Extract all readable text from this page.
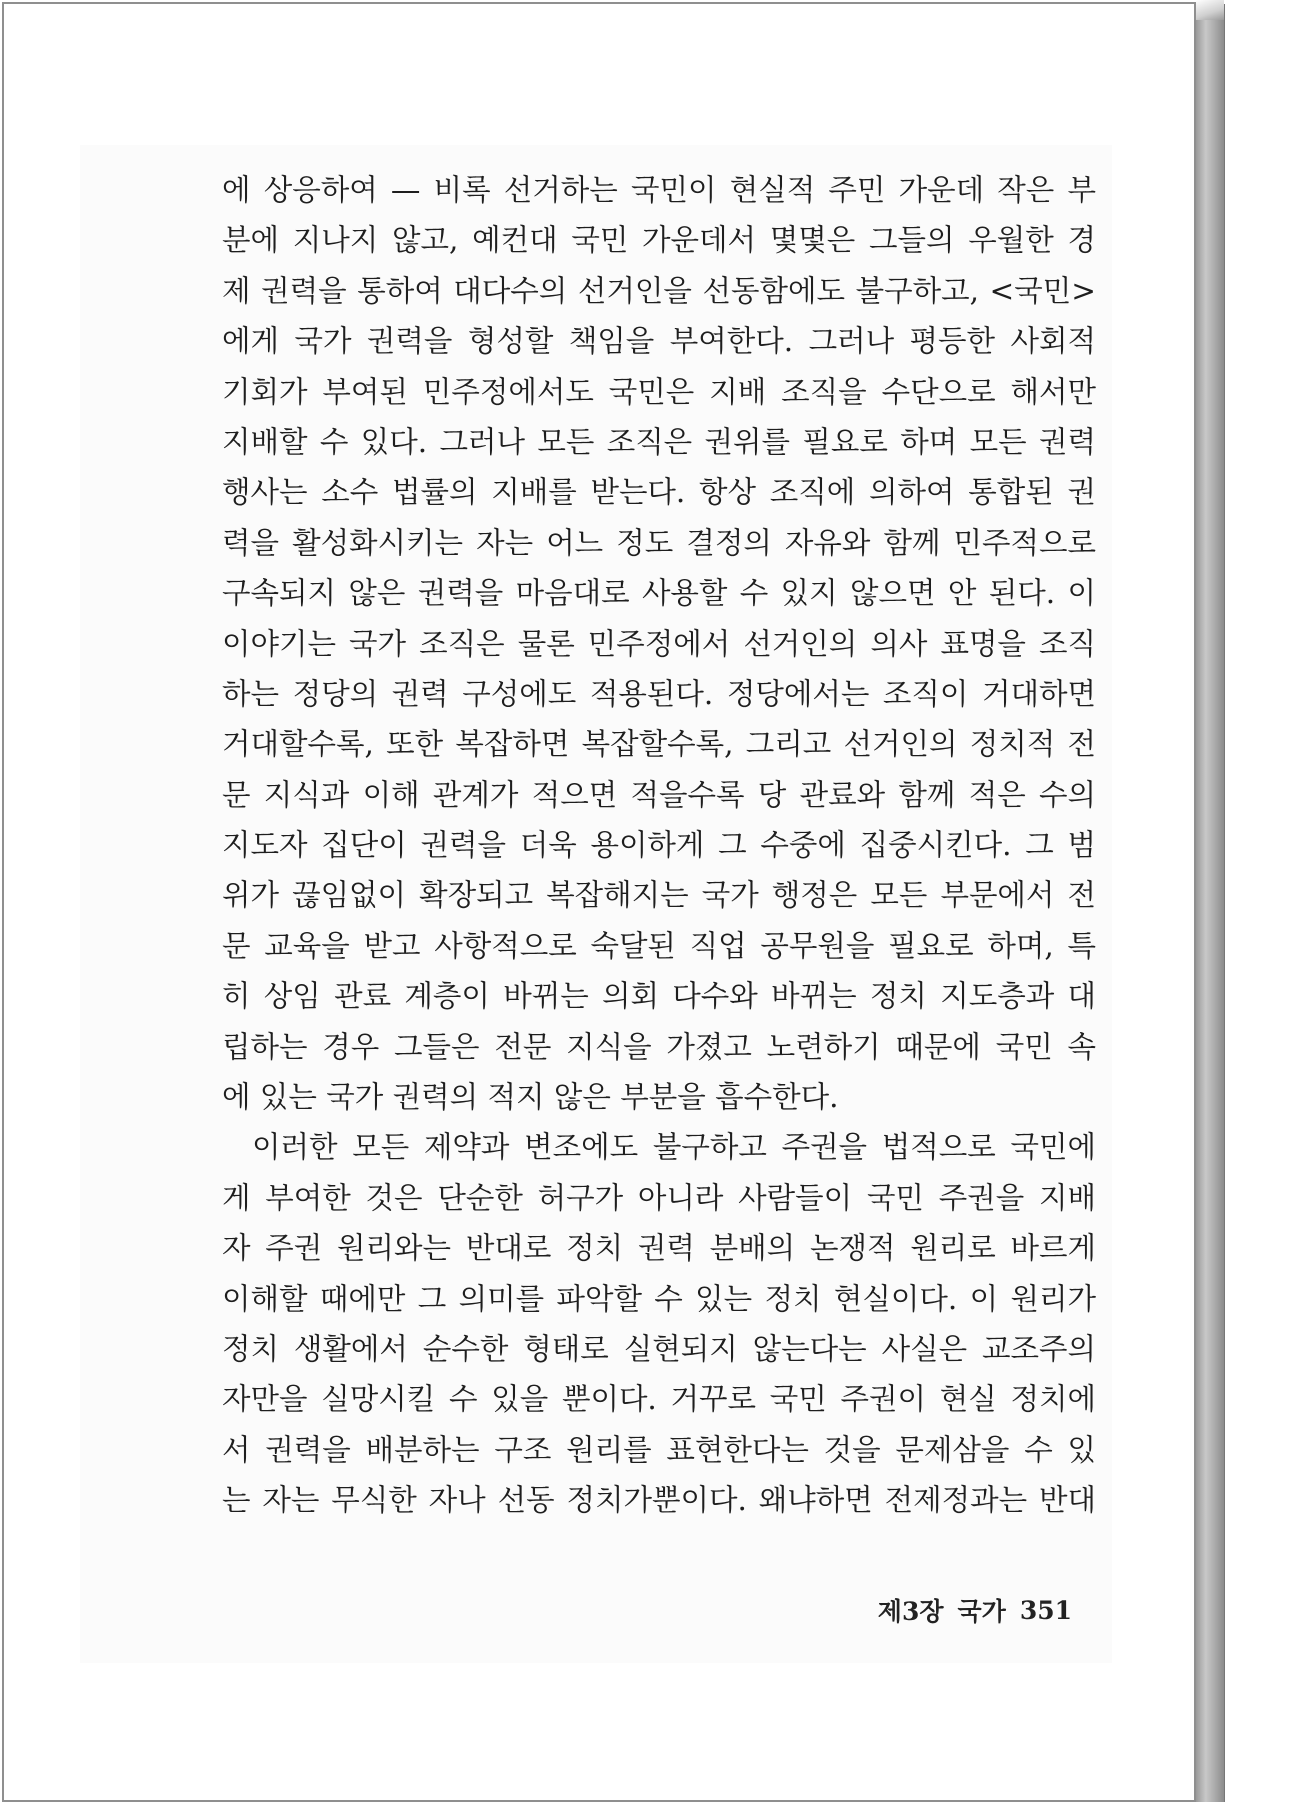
에 상응하여 — 비록 선거하는 국민이 현실적 주민 가운데 작은 부
분에 지나지 않고, 예컨대 국민 가운데서 몇몇은 그들의 우월한 경
제 권력을 통하여 대다수의 선거인을 선동함에도 불구하고, <국민>
에게 국가 권력을 형성할 책임을 부여한다. 그러나 평등한 사회적
기회가 부여된 민주정에서도 국민은 지배 조직을 수단으로 해서만
지배할 수 있다. 그러나 모든 조직은 권위를 필요로 하며 모든 권력
행사는 소수 법률의 지배를 받는다. 항상 조직에 의하여 통합된 권
력을 활성화시키는 자는 어느 정도 결정의 자유와 함께 민주적으로
구속되지 않은 권력을 마음대로 사용할 수 있지 않으면 안 된다. 이
이야기는 국가 조직은 물론 민주정에서 선거인의 의사 표명을 조직
하는 정당의 권력 구성에도 적용된다. 정당에서는 조직이 거대하면
거대할수록, 또한 복잡하면 복잡할수록, 그리고 선거인의 정치적 전
문 지식과 이해 관계가 적으면 적을수록 당 관료와 함께 적은 수의
지도자 집단이 권력을 더욱 용이하게 그 수중에 집중시킨다. 그 범
위가 끊임없이 확장되고 복잡해지는 국가 행정은 모든 부문에서 전
문 교육을 받고 사항적으로 숙달된 직업 공무원을 필요로 하며, 특
히 상임 관료 계층이 바뀌는 의회 다수와 바뀌는 정치 지도층과 대
립하는 경우 그들은 전문 지식을 가졌고 노련하기 때문에 국민 속
에 있는 국가 권력의 적지 않은 부분을 흡수한다.
이러한 모든 제약과 변조에도 불구하고 주권을 법적으로 국민에
게 부여한 것은 단순한 허구가 아니라 사람들이 국민 주권을 지배
자 주권 원리와는 반대로 정치 권력 분배의 논쟁적 원리로 바르게
이해할 때에만 그 의미를 파악할 수 있는 정치 현실이다. 이 원리가
정치 생활에서 순수한 형태로 실현되지 않는다는 사실은 교조주의
자만을 실망시킬 수 있을 뿐이다. 거꾸로 국민 주권이 현실 정치에
서 권력을 배분하는 구조 원리를 표현한다는 것을 문제삼을 수 있
는 자는 무식한 자나 선동 정치가뿐이다. 왜냐하면 전제정과는 반대
제3장 국가 351
